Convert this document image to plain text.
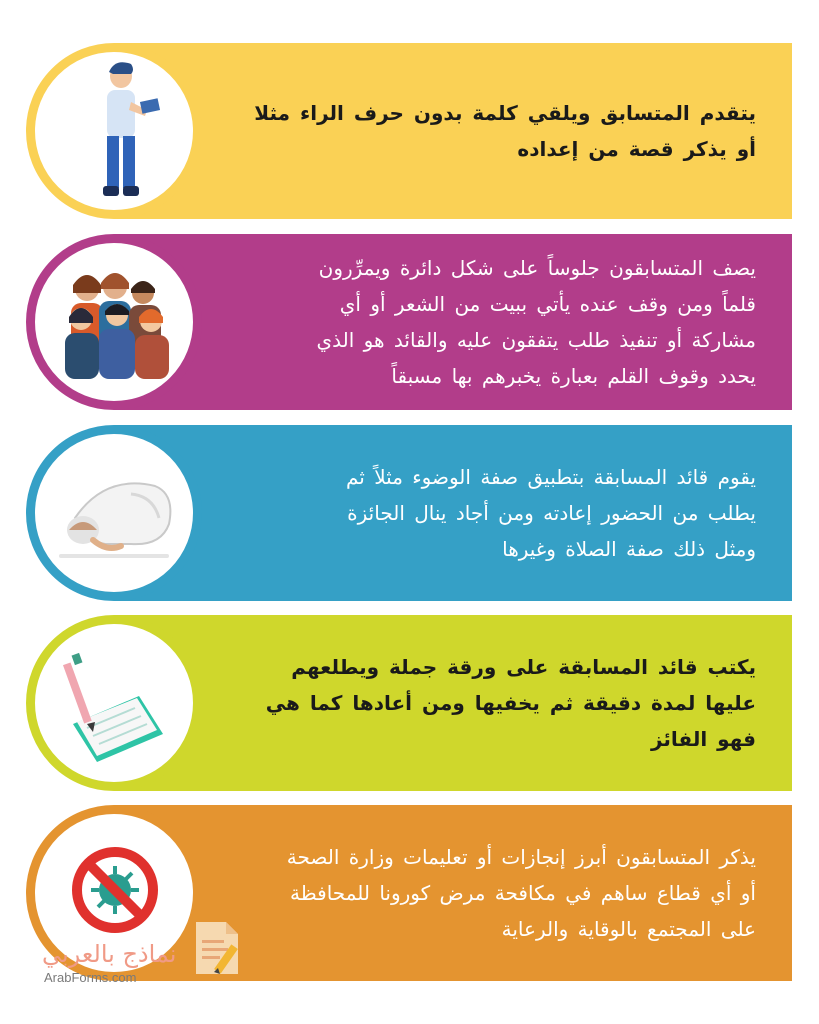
يتقدم المتسابق ويلقي كلمة بدون حرف الراء مثلا
أو يذكر قصة من إعداده
يصف المتسابقون جلوساً على شكل دائرة ويمرِّرون
قلماً ومن وقف عنده يأتي ببيت من الشعر أو أي
مشاركة أو تنفيذ طلب يتفقون عليه والقائد هو الذي
يحدد وقوف القلم بعبارة يخبرهم بها مسبقاً
يقوم قائد المسابقة بتطبيق صفة الوضوء مثلاً ثم
يطلب من الحضور إعادته ومن أجاد ينال الجائزة
ومثل ذلك صفة الصلاة وغيرها
يكتب قائد المسابقة على ورقة جملة ويطلعهم
عليها لمدة دقيقة ثم يخفيها ومن أعادها كما هي
فهو الفائز
يذكر المتسابقون أبرز إنجازات أو تعليمات وزارة الصحة
أو أي قطاع ساهم في مكافحة مرض كورونا للمحافظة
على المجتمع بالوقاية والرعاية
نماذج بالعربي
ArabForms.com
